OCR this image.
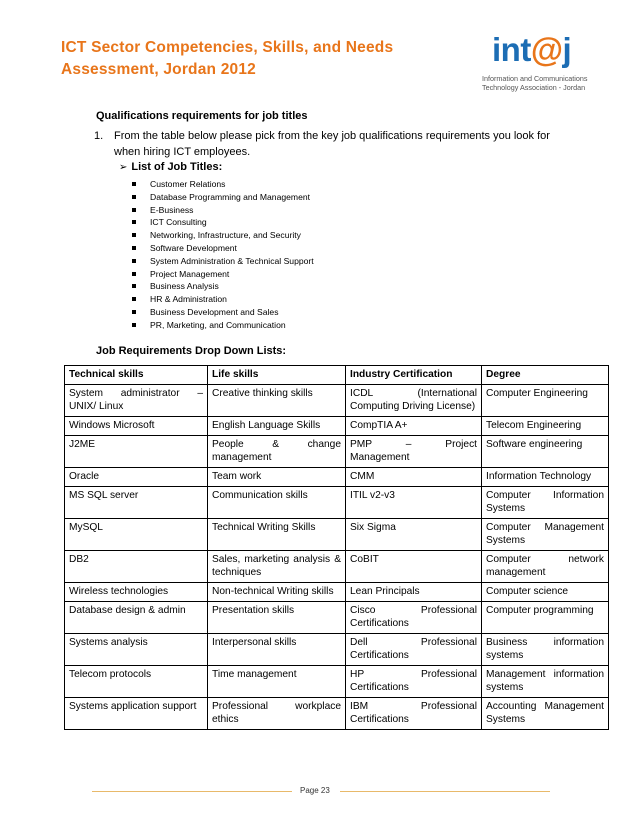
ICT Sector Competencies, Skills, and Needs Assessment, Jordan 2012
int@j
Information and Communications
Technology Association - Jordan
Qualifications requirements for job titles
1. From the table below please pick from the key job qualifications requirements you look for when hiring ICT employees.
➢ List of Job Titles:
Customer Relations
Database Programming and Management
E-Business
ICT Consulting
Networking, Infrastructure, and Security
Software Development
System Administration & Technical Support
Project Management
Business Analysis
HR & Administration
Business Development and Sales
PR, Marketing, and Communication
Job Requirements Drop Down Lists:
Technical skills	Life skills	Industry Certification	Degree
System administrator – UNIX/ Linux	Creative thinking skills	ICDL (International Computing Driving License)	Computer Engineering
Windows Microsoft	English Language Skills	CompTIA A+	Telecom Engineering
J2ME	People & change management	PMP – Project Management	Software engineering
Oracle	Team work	CMM	Information Technology
MS SQL server	Communication skills	ITIL v2-v3	Computer Information Systems
MySQL	Technical Writing Skills	Six Sigma	Computer Management Systems
DB2	Sales, marketing analysis & techniques	CoBIT	Computer network management
Wireless technologies	Non-technical Writing skills	Lean Principals	Computer science
Database design & admin	Presentation skills	Cisco Professional Certifications	Computer programming
Systems analysis	Interpersonal skills	Dell Professional Certifications	Business information systems
Telecom protocols	Time management	HP Professional Certifications	Management information systems
Systems application support	Professional workplace ethics	IBM Professional Certifications	Accounting Management Systems
Page 23
